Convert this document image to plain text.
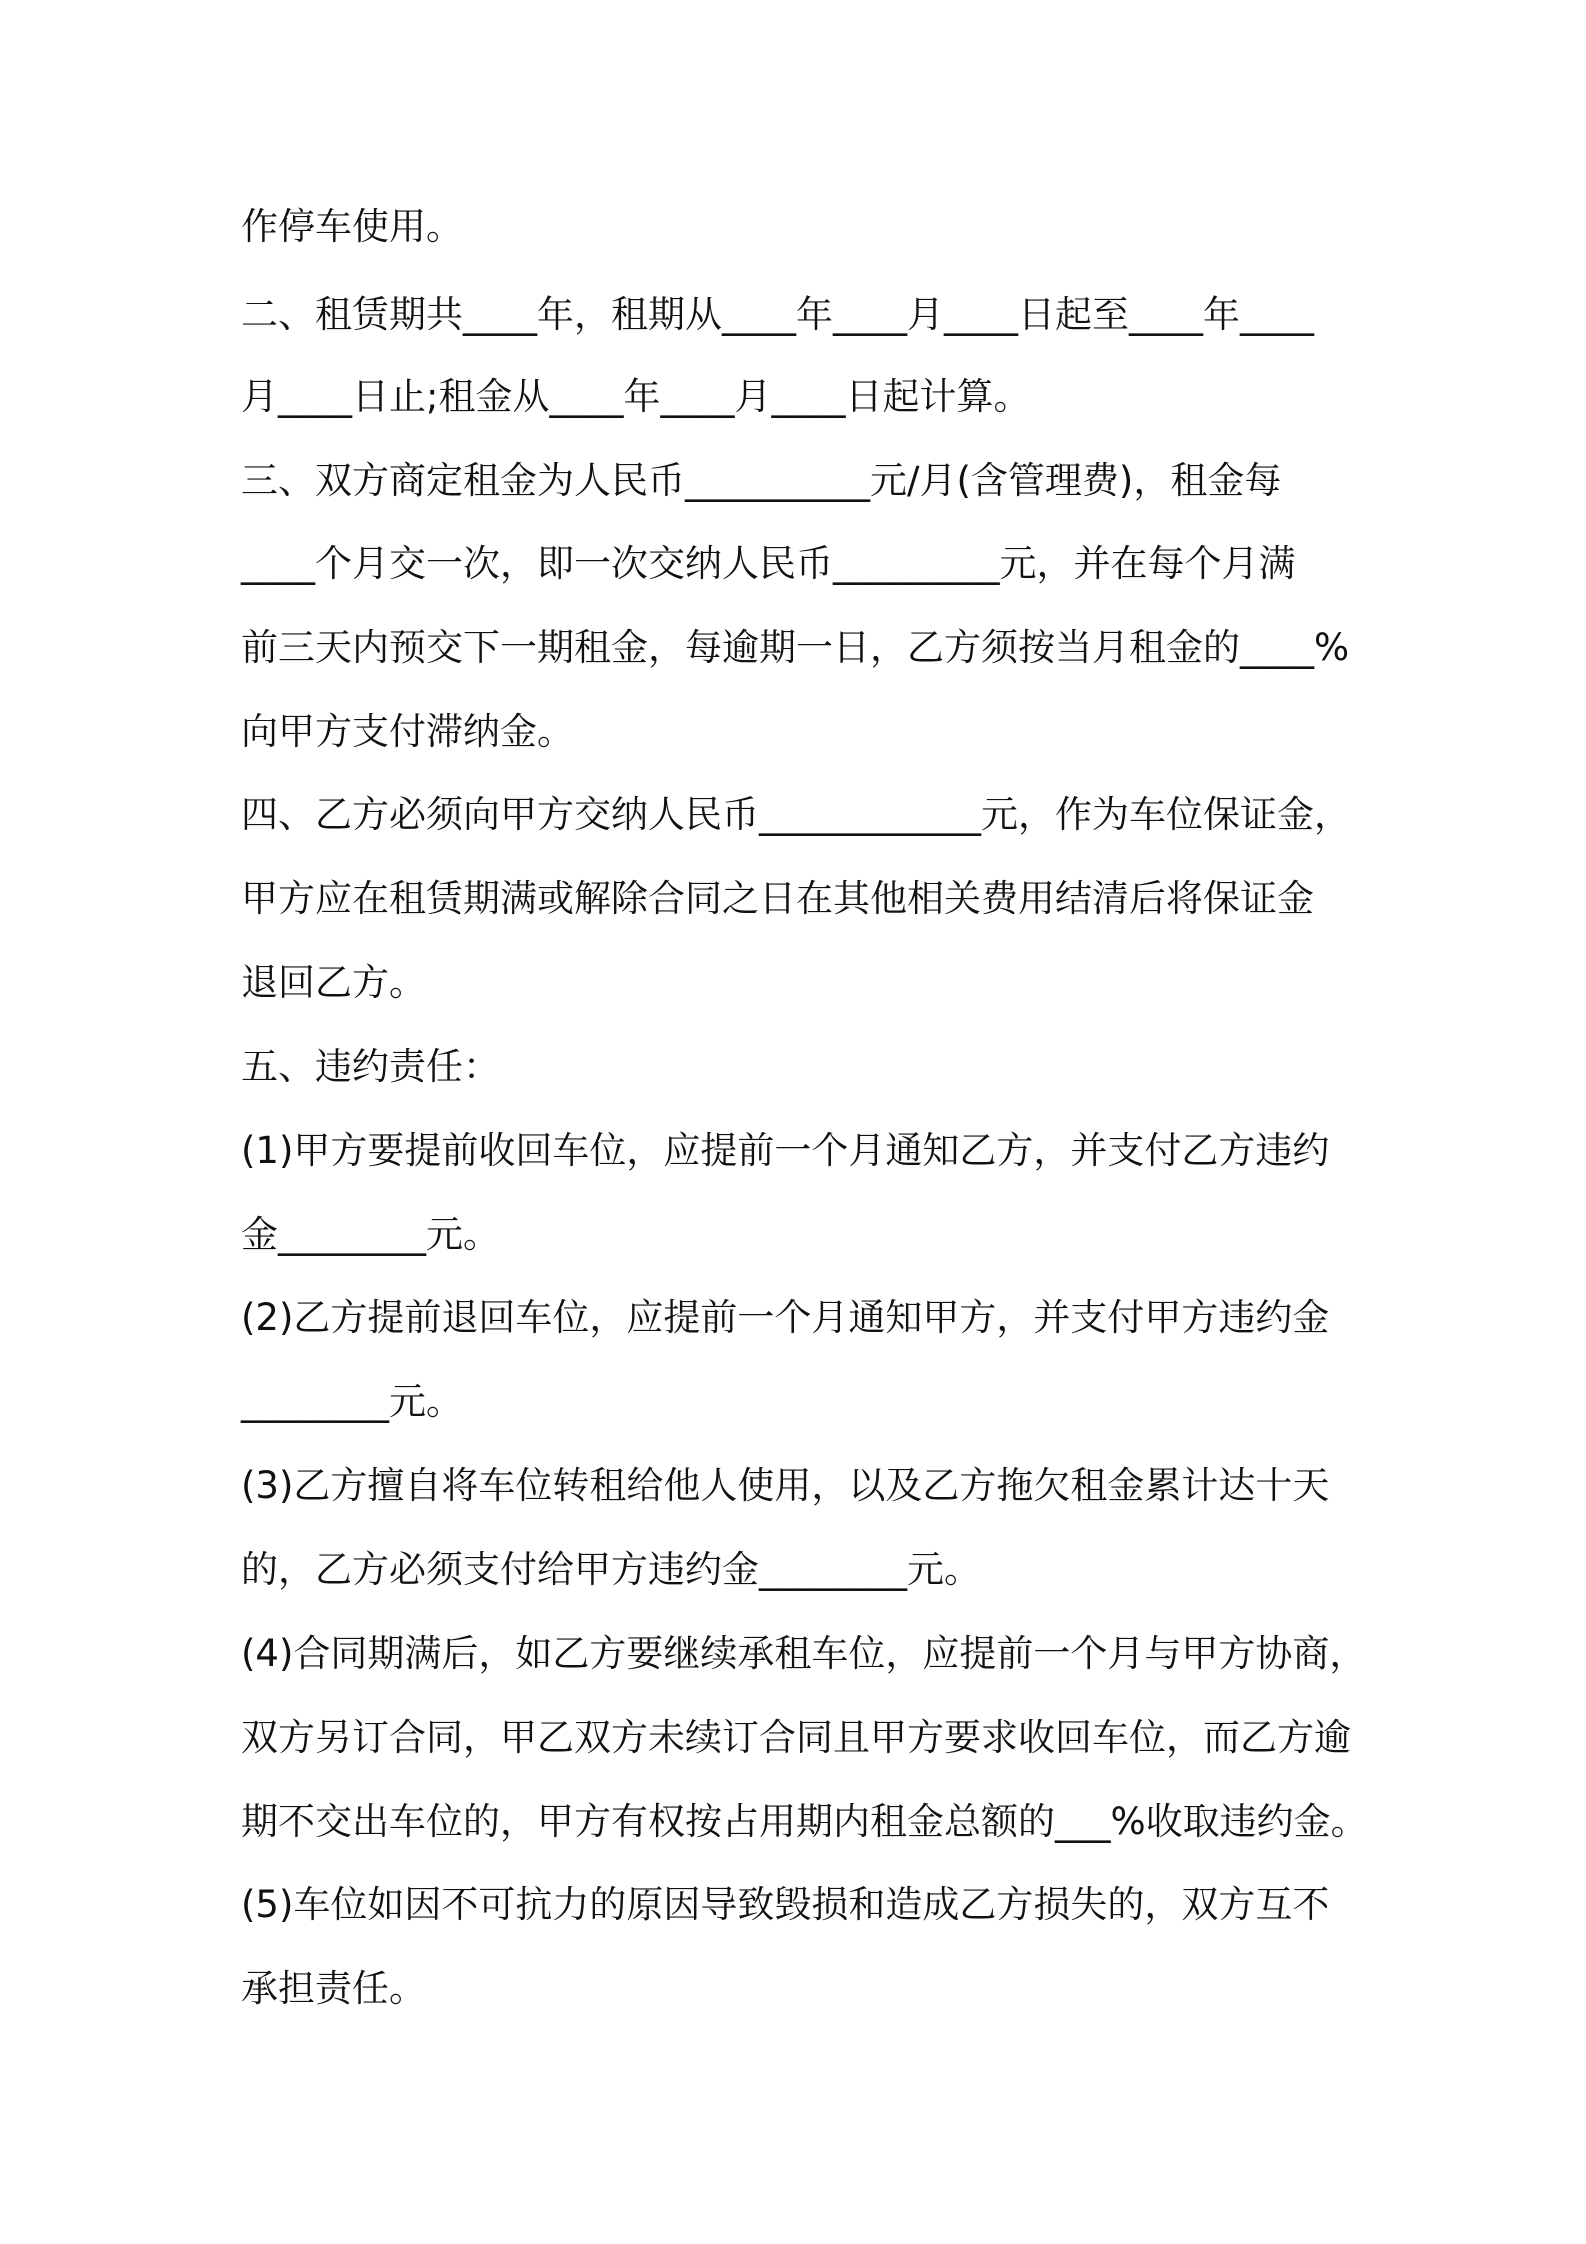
作停车使用。

二、租赁期共____年，租期从____年____月____日起至____年____

月____日止;租金从____年____月____日起计算。

三、双方商定租金为人民币__________元/月(含管理费)，租金每

____个月交一次，即一次交纳人民币_________元，并在每个月满

前三天内预交下一期租金，每逾期一日，乙方须按当月租金的____%

向甲方支付滞纳金。

四、乙方必须向甲方交纳人民币____________元，作为车位保证金，

甲方应在租赁期满或解除合同之日在其他相关费用结清后将保证金

退回乙方。

五、违约责任：

(1)甲方要提前收回车位，应提前一个月通知乙方，并支付乙方违约

金________元。

(2)乙方提前退回车位，应提前一个月通知甲方，并支付甲方违约金

________元。

(3)乙方擅自将车位转租给他人使用，以及乙方拖欠租金累计达十天

的，乙方必须支付给甲方违约金________元。

(4)合同期满后，如乙方要继续承租车位，应提前一个月与甲方协商，

双方另订合同，甲乙双方未续订合同且甲方要求收回车位，而乙方逾

期不交出车位的，甲方有权按占用期内租金总额的___%收取违约金。

(5)车位如因不可抗力的原因导致毁损和造成乙方损失的，双方互不

承担责任。
